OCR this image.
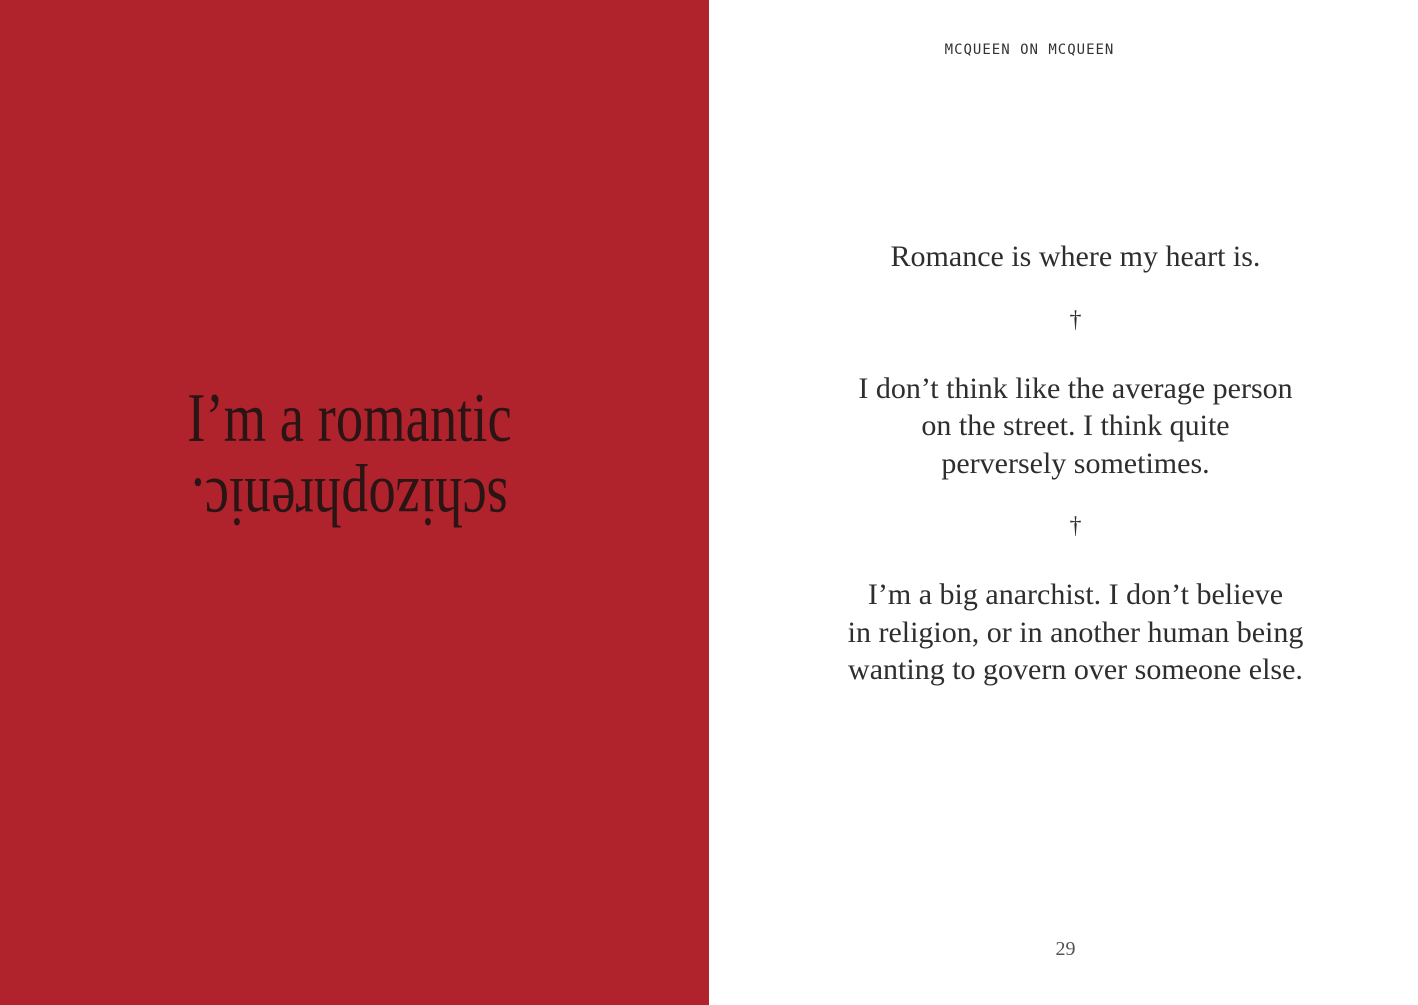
I’m a romantic
schizophrenic.
MCQUEEN ON MCQUEEN
Romance is where my heart is.
†
I don’t think like the average person
on the street. I think quite
perversely sometimes.
†
I’m a big anarchist. I don’t believe
in religion, or in another human being
wanting to govern over someone else.
29
